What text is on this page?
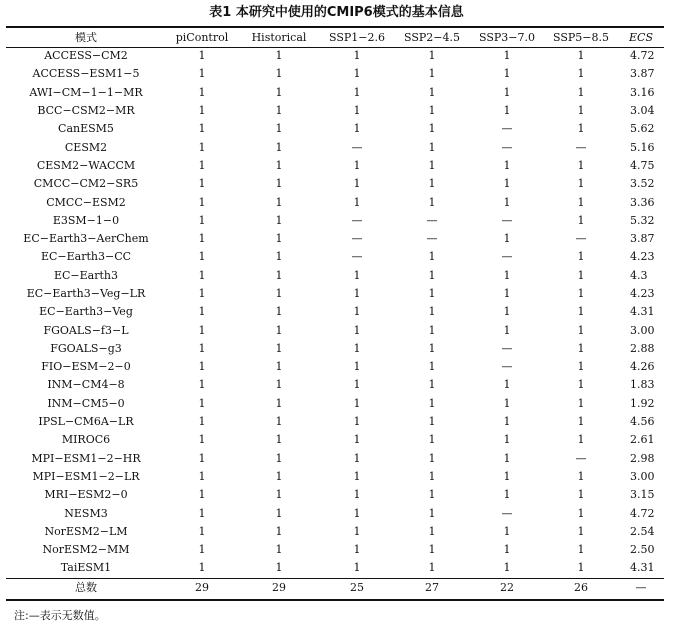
表1 本研究中使用的CMIP6模式的基本信息
模式	piControl	Historical	SSP1−2.6	SSP2−4.5	SSP3−7.0	SSP5−8.5	ECS
ACCESS−CM2	1	1	1	1	1	1	4.72
ACCESS−ESM1−5	1	1	1	1	1	1	3.87
AWI−CM−1−1−MR	1	1	1	1	1	1	3.16
BCC−CSM2−MR	1	1	1	1	1	1	3.04
CanESM5	1	1	1	1	—	1	5.62
CESM2	1	1	—	1	—	—	5.16
CESM2−WACCM	1	1	1	1	1	1	4.75
CMCC−CM2−SR5	1	1	1	1	1	1	3.52
CMCC−ESM2	1	1	1	1	1	1	3.36
E3SM−1−0	1	1	—	—	—	1	5.32
EC−Earth3−AerChem	1	1	—	—	1	—	3.87
EC−Earth3−CC	1	1	—	1	—	1	4.23
EC−Earth3	1	1	1	1	1	1	4.3
EC−Earth3−Veg−LR	1	1	1	1	1	1	4.23
EC−Earth3−Veg	1	1	1	1	1	1	4.31
FGOALS−f3−L	1	1	1	1	1	1	3.00
FGOALS−g3	1	1	1	1	—	1	2.88
FIO−ESM−2−0	1	1	1	1	—	1	4.26
INM−CM4−8	1	1	1	1	1	1	1.83
INM−CM5−0	1	1	1	1	1	1	1.92
IPSL−CM6A−LR	1	1	1	1	1	1	4.56
MIROC6	1	1	1	1	1	1	2.61
MPI−ESM1−2−HR	1	1	1	1	1	—	2.98
MPI−ESM1−2−LR	1	1	1	1	1	1	3.00
MRI−ESM2−0	1	1	1	1	1	1	3.15
NESM3	1	1	1	1	—	1	4.72
NorESM2−LM	1	1	1	1	1	1	2.54
NorESM2−MM	1	1	1	1	1	1	2.50
TaiESM1	1	1	1	1	1	1	4.31
总数	29	29	25	27	22	26	—
注:—表示无数值。
